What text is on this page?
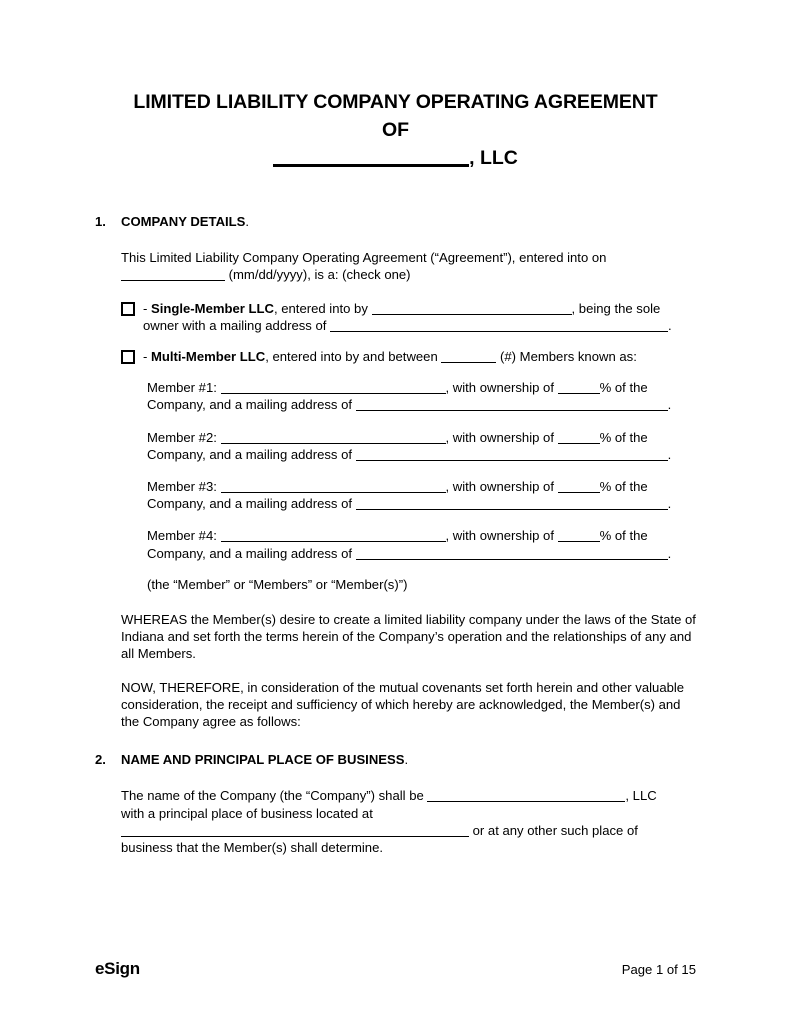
LIMITED LIABILITY COMPANY OPERATING AGREEMENT
OF
, LLC
1. COMPANY DETAILS.
This Limited Liability Company Operating Agreement (“Agreement”), entered into on
(mm/dd/yyyy), is a: (check one)
- Single-Member LLC, entered into by	, being the sole
owner with a mailing address of	.
- Multi-Member LLC, entered into by and between	(#) Members known as:
Member #1:	, with ownership of	% of the
Company, and a mailing address of	.
Member #2:	, with ownership of	% of the
Company, and a mailing address of	.
Member #3:	, with ownership of	% of the
Company, and a mailing address of	.
Member #4:	, with ownership of	% of the
Company, and a mailing address of	.
(the “Member” or “Members” or “Member(s)”)
WHEREAS the Member(s) desire to create a limited liability company under the laws of the State of Indiana and set forth the terms herein of the Company’s operation and the relationships of any and all Members.
NOW, THEREFORE, in consideration of the mutual covenants set forth herein and other valuable consideration, the receipt and sufficiency of which hereby are acknowledged, the Member(s) and the Company agree as follows:
2. NAME AND PRINCIPAL PLACE OF BUSINESS.
The name of the Company (the “Company”) shall be	, LLC
with a principal place of business located at
or at any other such place of
business that the Member(s) shall determine.
eSign	Page 1 of 15
